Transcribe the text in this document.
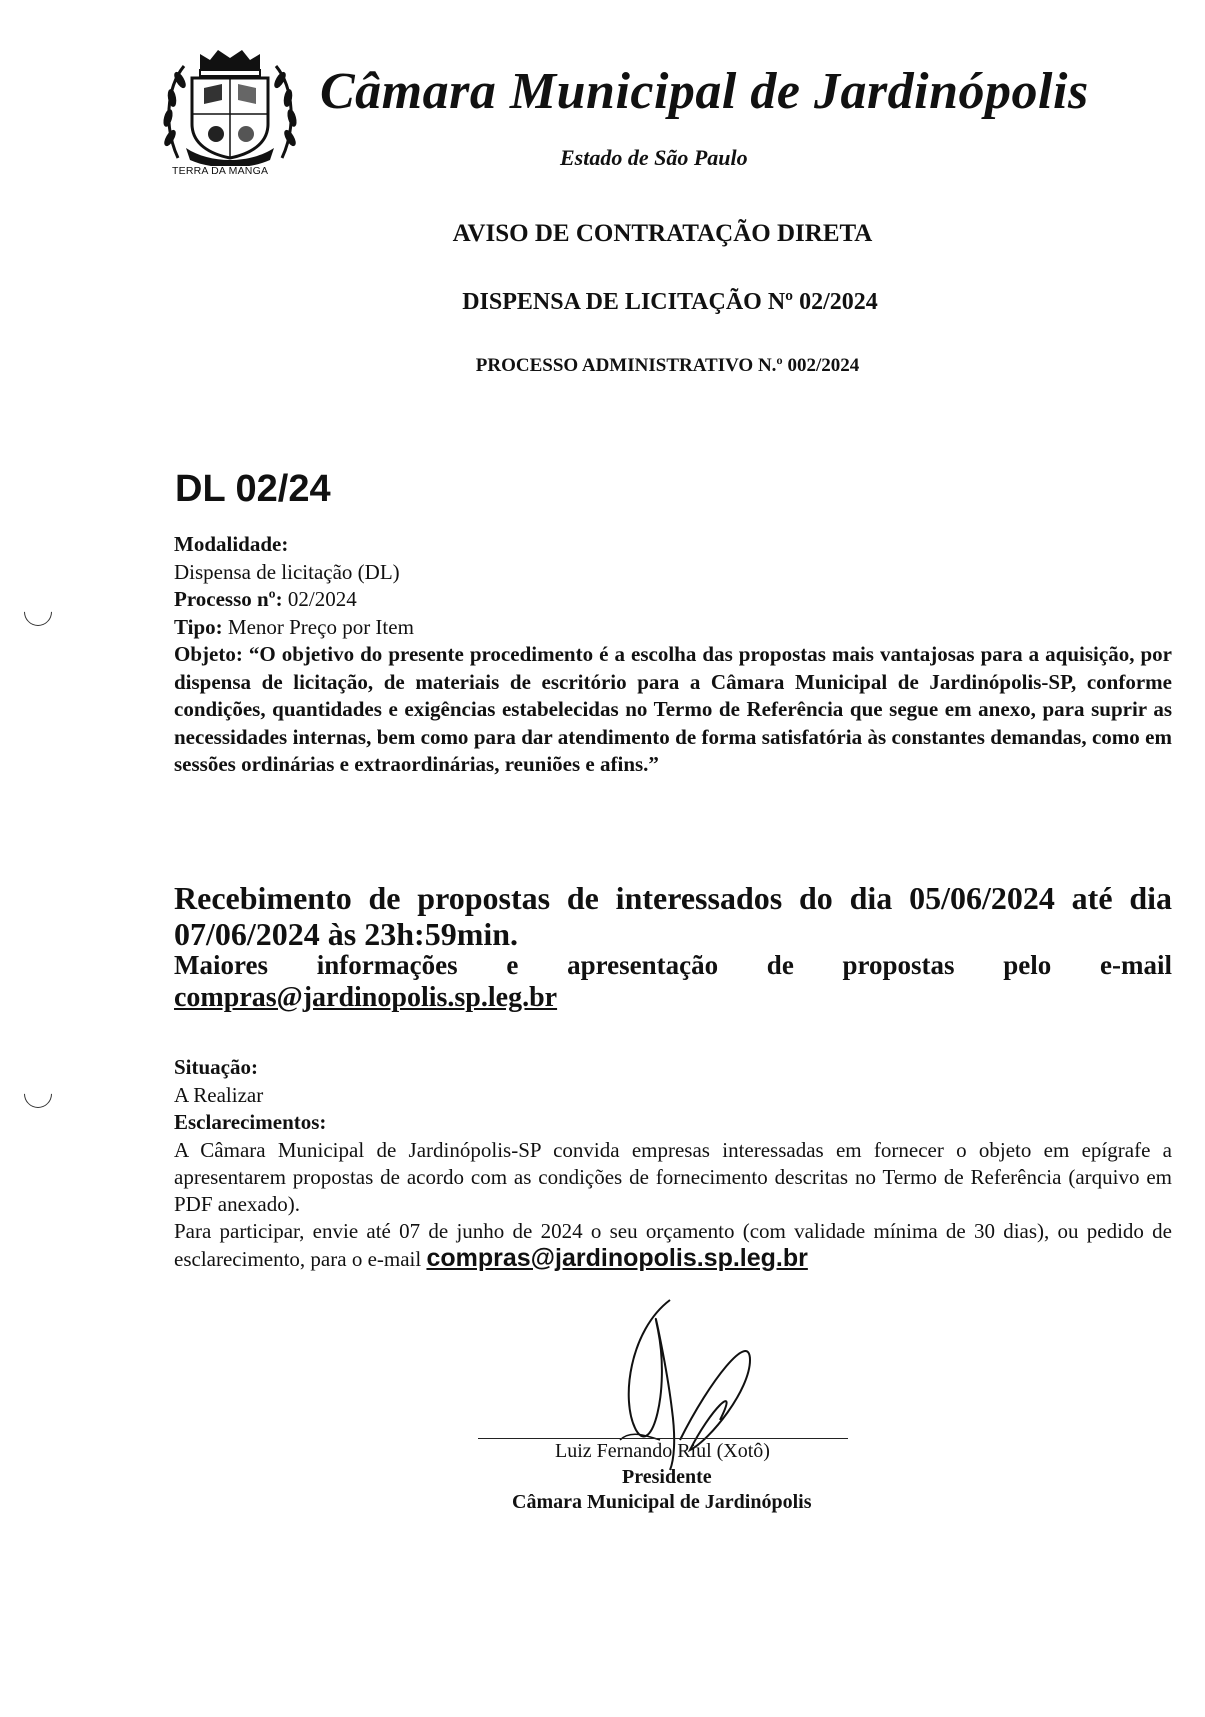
TERRA DA MANGA
Câmara Municipal de Jardinópolis
Estado de São Paulo
AVISO DE CONTRATAÇÃO DIRETA
DISPENSA DE LICITAÇÃO Nº 02/2024
PROCESSO ADMINISTRATIVO N.º 002/2024
DL 02/24
Modalidade:
Dispensa de licitação (DL)
Processo nº: 02/2024
Tipo: Menor Preço por Item
Objeto: “O objetivo do presente procedimento é a escolha das propostas mais vantajosas para a aquisição, por dispensa de licitação, de materiais de escritório para a Câmara Municipal de Jardinópolis-SP, conforme condições, quantidades e exigências estabelecidas no Termo de Referência que segue em anexo, para suprir as necessidades internas, bem como para dar atendimento de forma satisfatória às constantes demandas, como em sessões ordinárias e extraordinárias, reuniões e afins.”
Recebimento de propostas de interessados do dia 05/06/2024 até dia 07/06/2024 às 23h:59min.
Maiores informações e apresentação de propostas pelo e-mail
compras@jardinopolis.sp.leg.br
Situação:
A Realizar
Esclarecimentos:
A Câmara Municipal de Jardinópolis-SP convida empresas interessadas em fornecer o objeto em epígrafe a apresentarem propostas de acordo com as condições de fornecimento descritas no Termo de Referência (arquivo em PDF anexado).
Para participar, envie até 07 de junho de 2024 o seu orçamento (com validade mínima de 30 dias), ou pedido de esclarecimento, para o e-mail compras@jardinopolis.sp.leg.br
Luiz Fernando Riul (Xotô)
Presidente
Câmara Municipal de Jardinópolis
